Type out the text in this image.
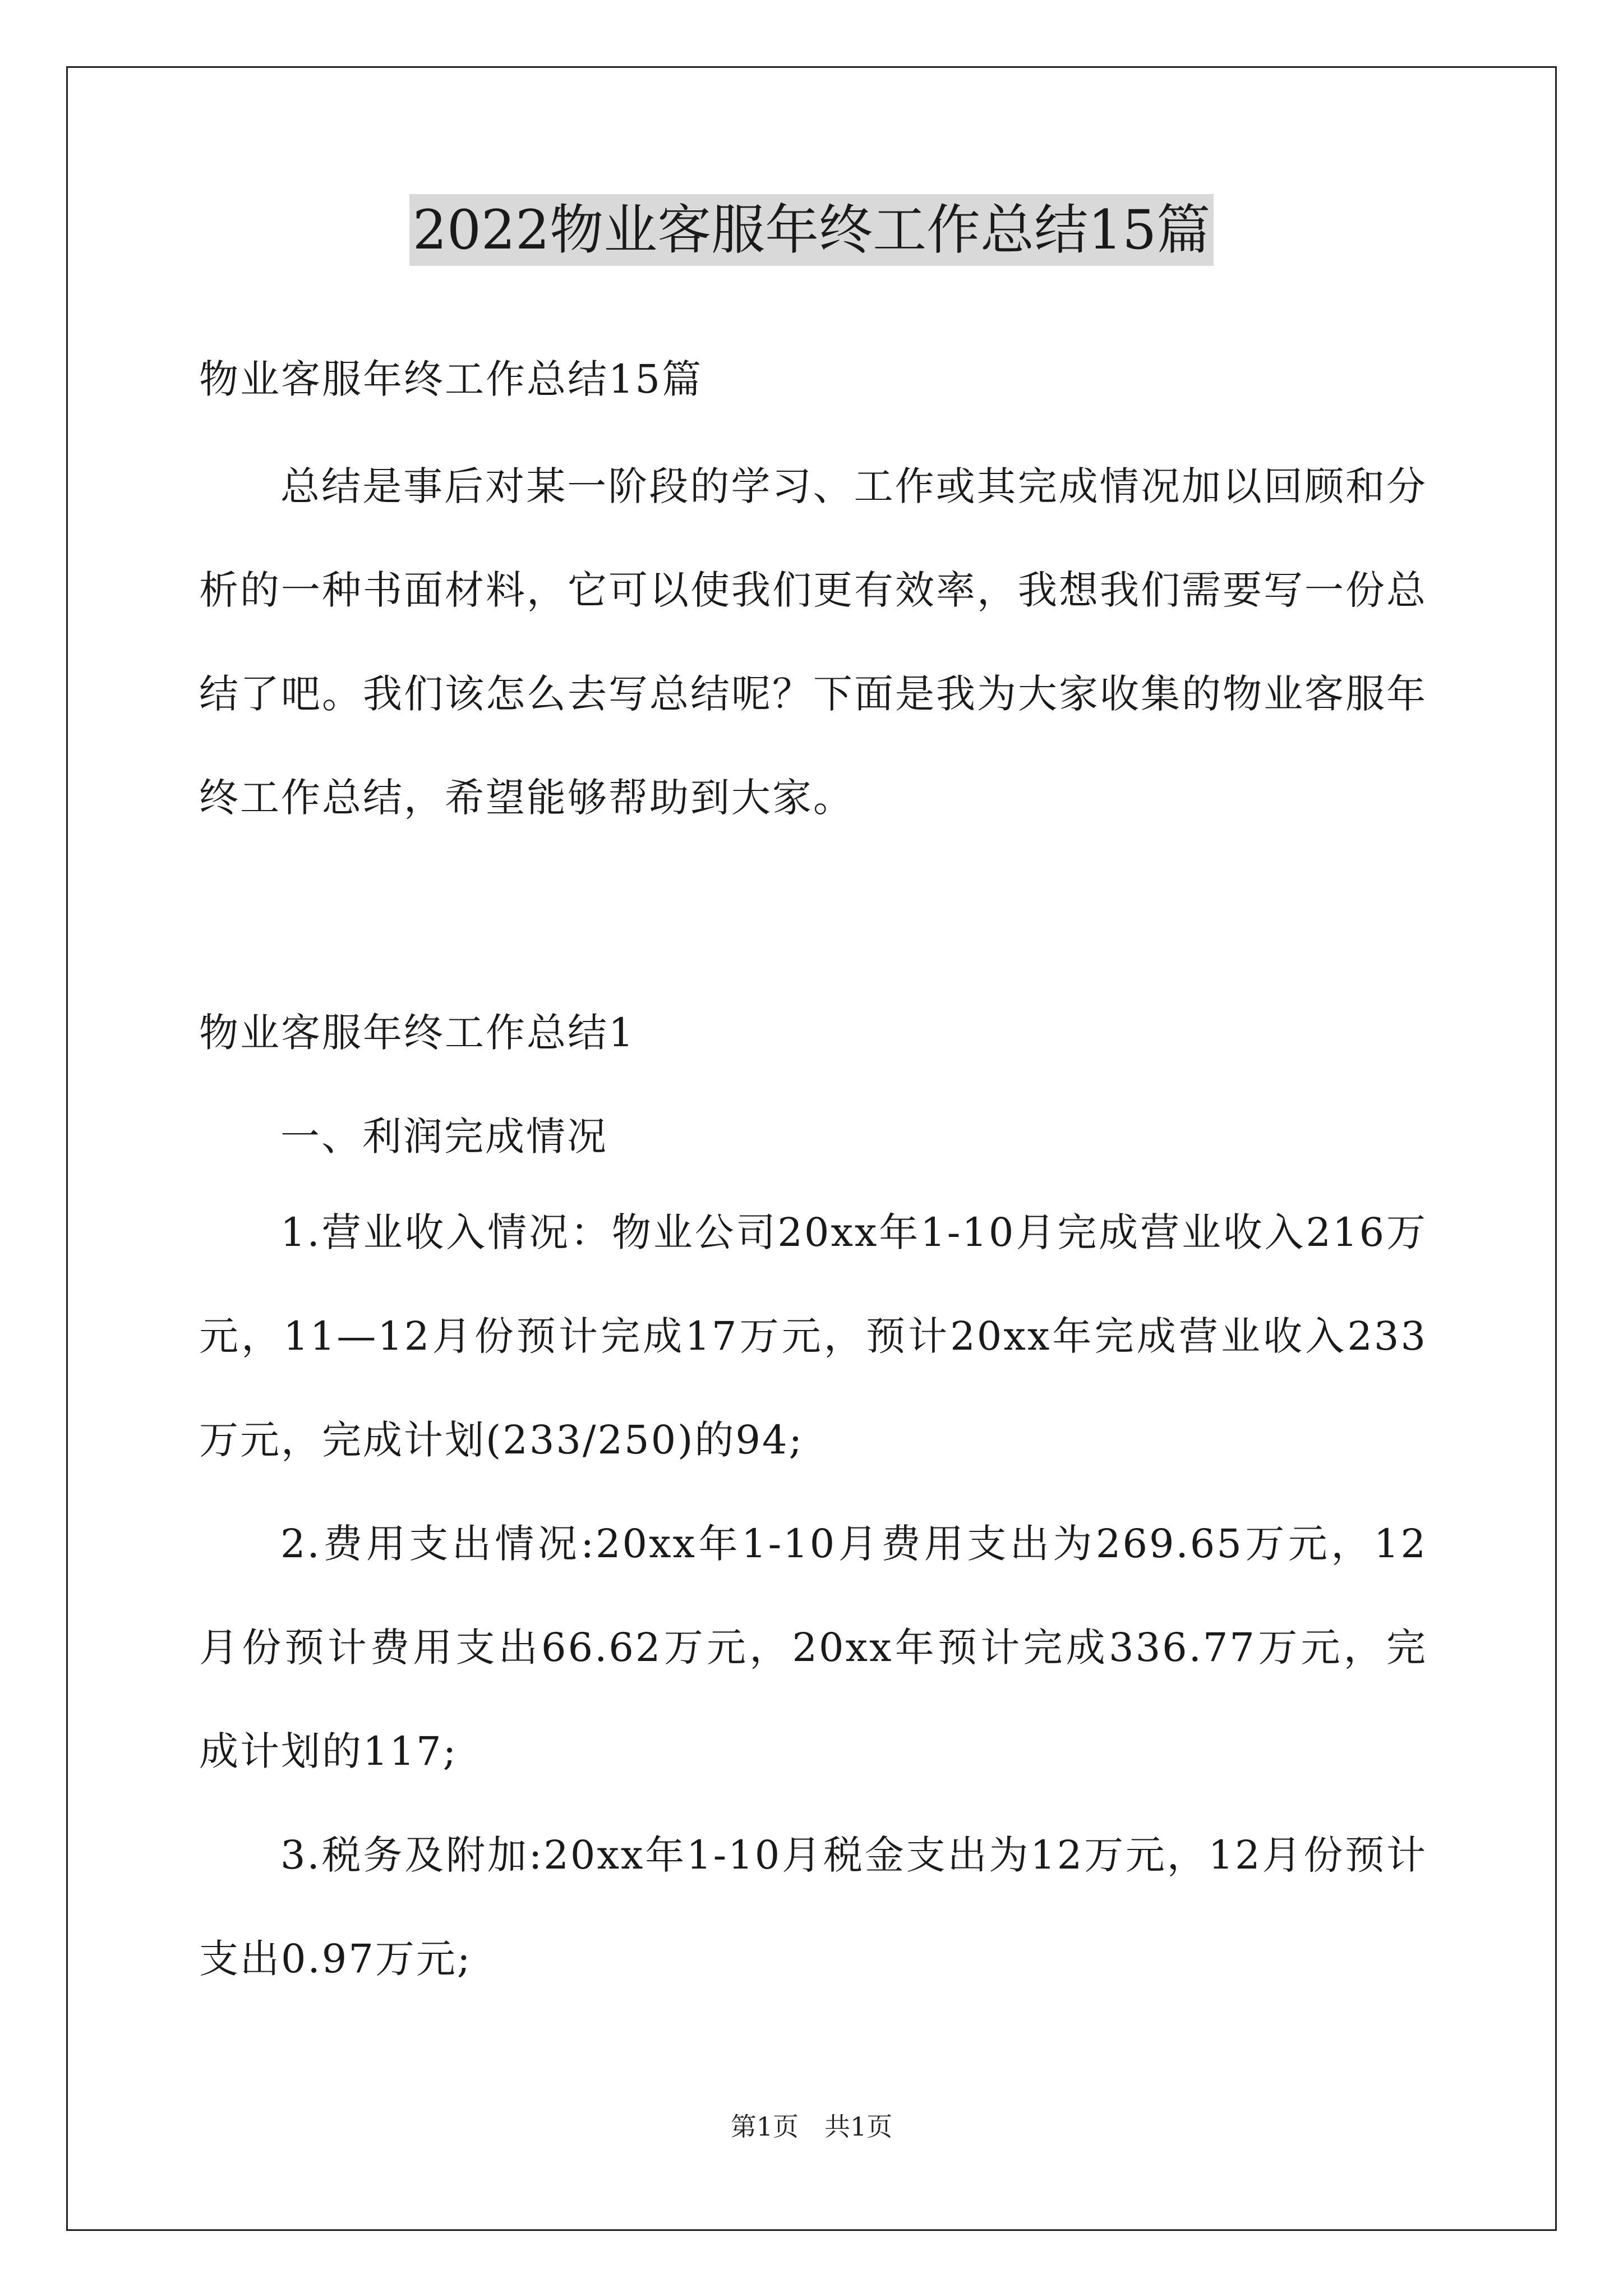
2022物业客服年终工作总结15篇
物业客服年终工作总结15篇
总结是事后对某一阶段的学习、工作或其完成情况加以回顾和分析的一种书面材料，它可以使我们更有效率，我想我们需要写一份总结了吧。我们该怎么去写总结呢？下面是我为大家收集的物业客服年终工作总结，希望能够帮助到大家。
物业客服年终工作总结1
一、利润完成情况
1.营业收入情况：物业公司20xx年1-10月完成营业收入216万元，11—12月份预计完成17万元，预计20xx年完成营业收入233万元，完成计划(233/250)的94;
2.费用支出情况:20xx年1-10月费用支出为269.65万元，12月份预计费用支出66.62万元，20xx年预计完成336.77万元，完成计划的117;
3.税务及附加:20xx年1-10月税金支出为12万元，12月份预计支出0.97万元;
第1页　共1页
